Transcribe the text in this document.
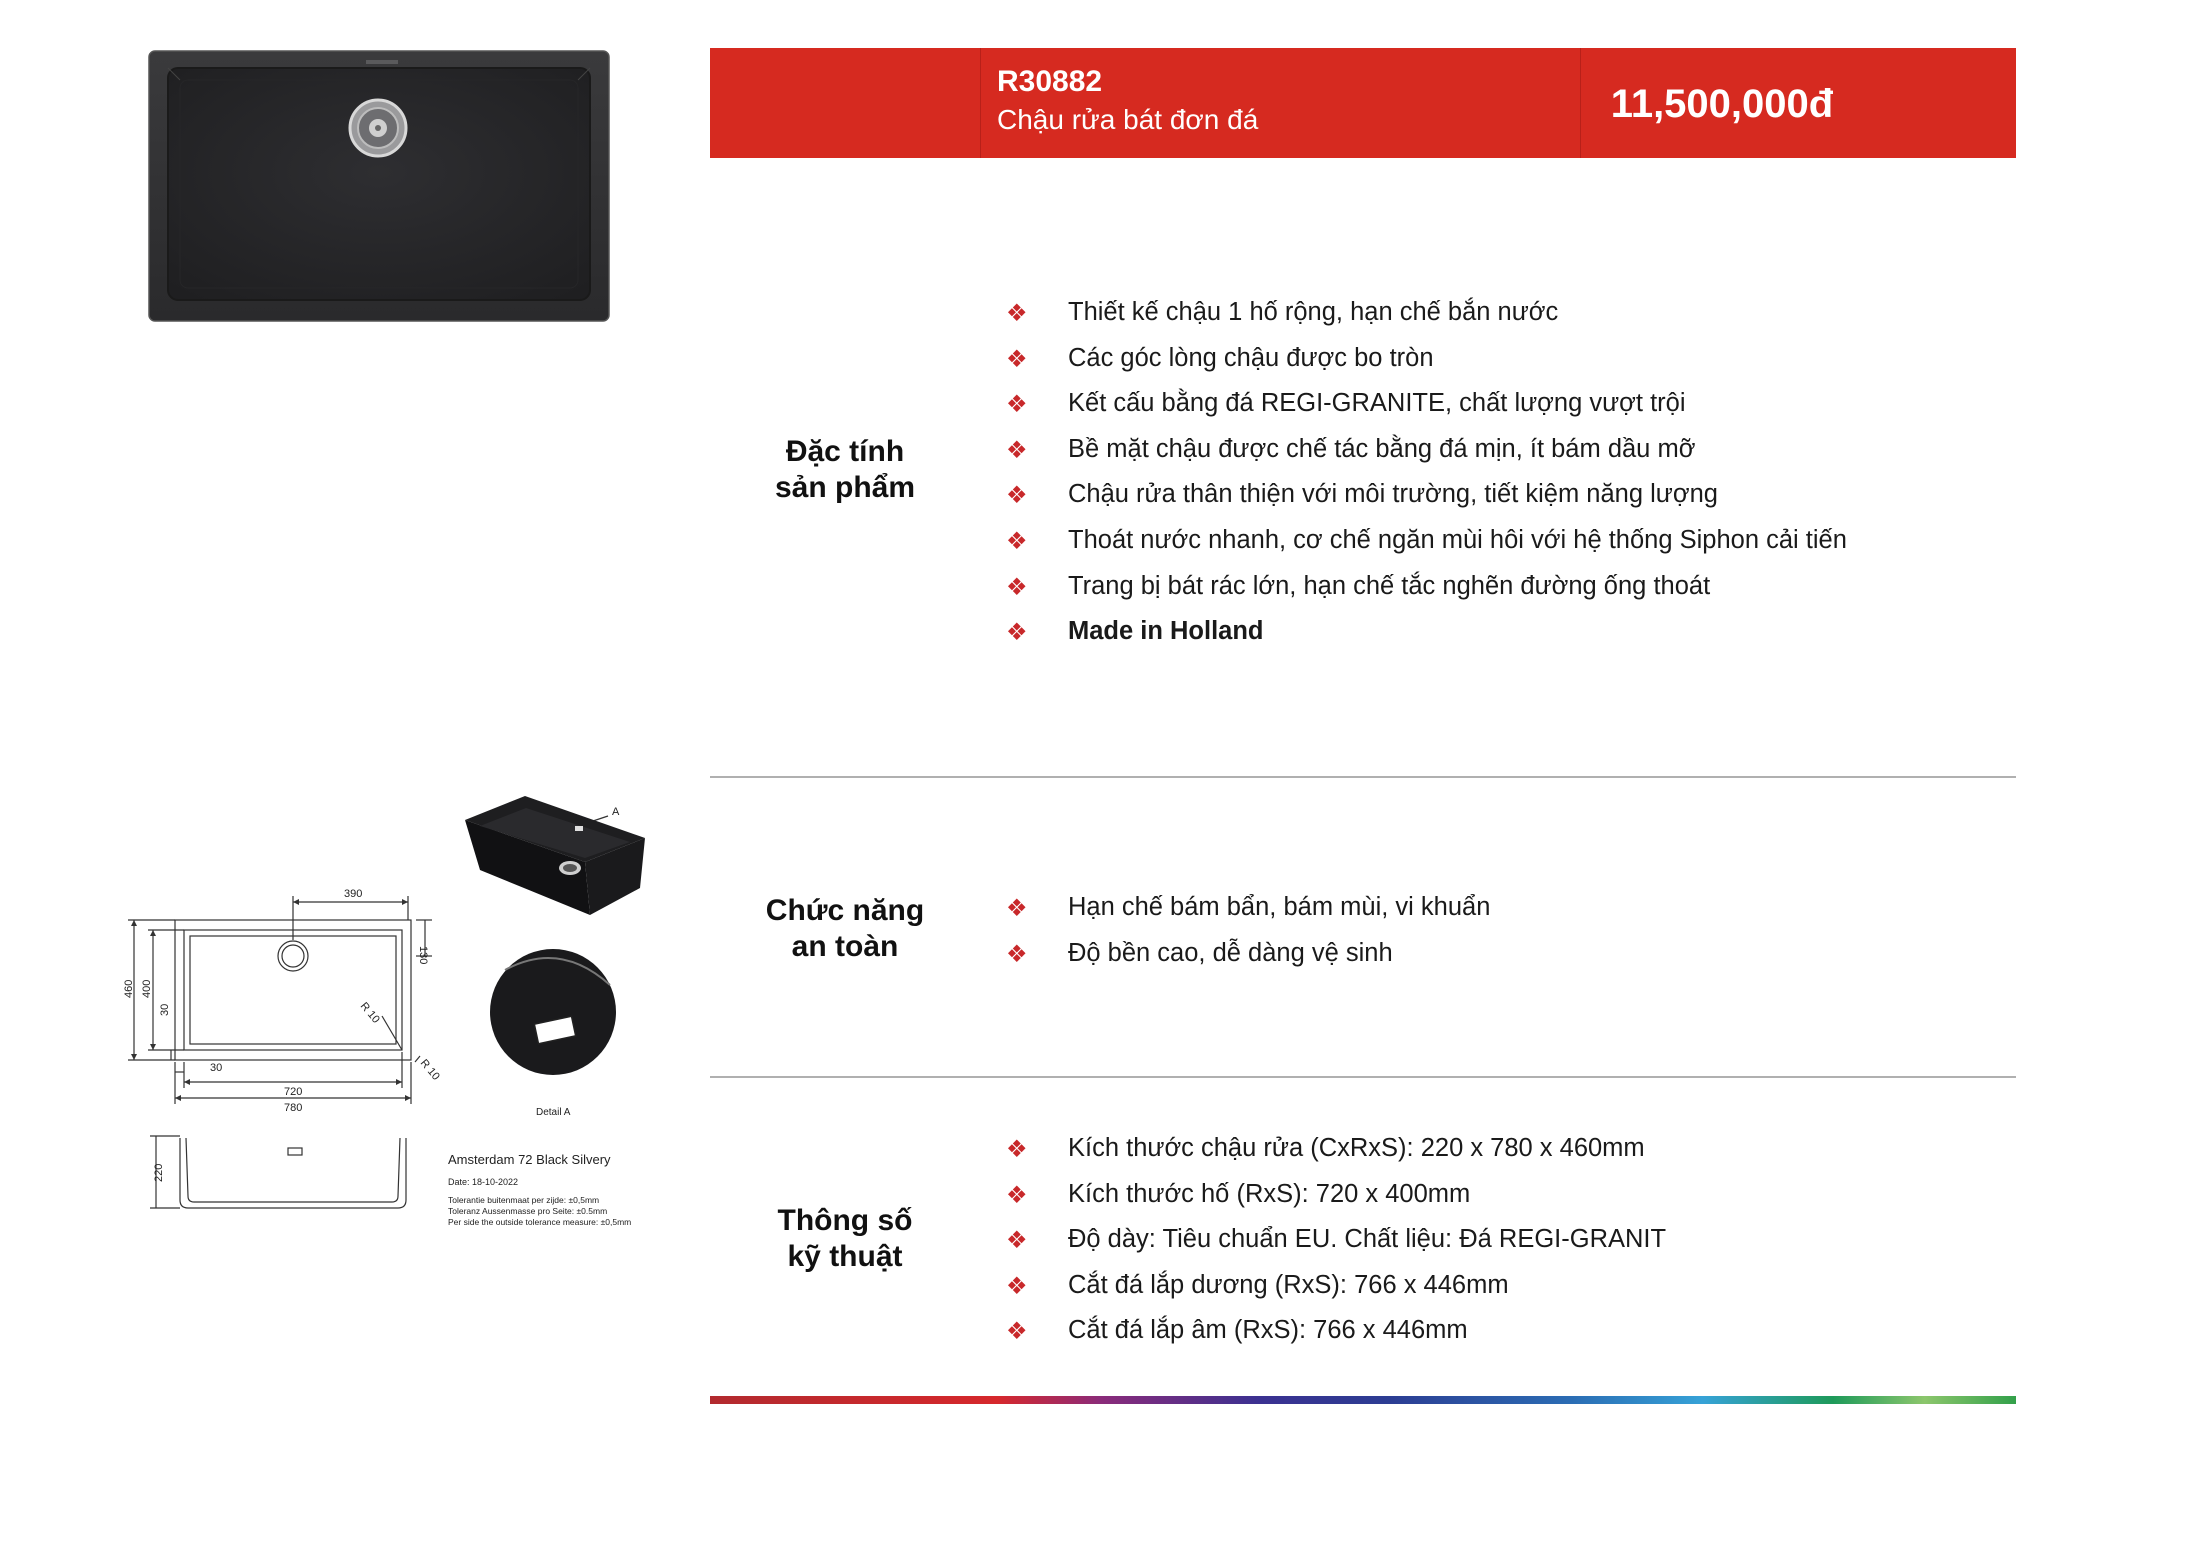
R30882
Chậu rửa bát đơn đá	11,500,000đ
Đặc tính
sản phẩm
❖ Thiết kế chậu 1 hố rộng, hạn chế bắn nước
❖ Các góc lòng chậu được bo tròn
❖ Kết cấu bằng đá REGI-GRANITE, chất lượng vượt trội
❖ Bề mặt chậu được chế tác bằng đá mịn, ít bám dầu mỡ
❖ Chậu rửa thân thiện với môi trường, tiết kiệm năng lượng
❖ Thoát nước nhanh, cơ chế ngăn mùi hôi với hệ thống Siphon cải tiến
❖ Trang bị bát rác lớn, hạn chế tắc nghẽn đường ống thoát
❖ Made in Holland
Chức năng
an toàn
❖ Hạn chế bám bẩn, bám mùi, vi khuẩn
❖ Độ bền cao, dễ dàng vệ sinh
Thông số
kỹ thuật
❖ Kích thước chậu rửa (CxRxS): 220 x 780 x 460mm
❖ Kích thước hố (RxS): 720 x 400mm
❖ Độ dày: Tiêu chuẩn EU. Chất liệu: Đá REGI-GRANIT
❖ Cắt đá lắp dương (RxS): 766 x 446mm
❖ Cắt đá lắp âm (RxS): 766 x 446mm
390
130
460 400
30
30
720
780
220
R 10
R 10
A
Detail A
Amsterdam 72 Black Silvery
Date: 18-10-2022
Tolerantie buitenmaat per zijde: ±0,5mm
Toleranz Aussenmasse pro Seite: ±0.5mm
Per side the outside tolerance measure: ±0,5mm
